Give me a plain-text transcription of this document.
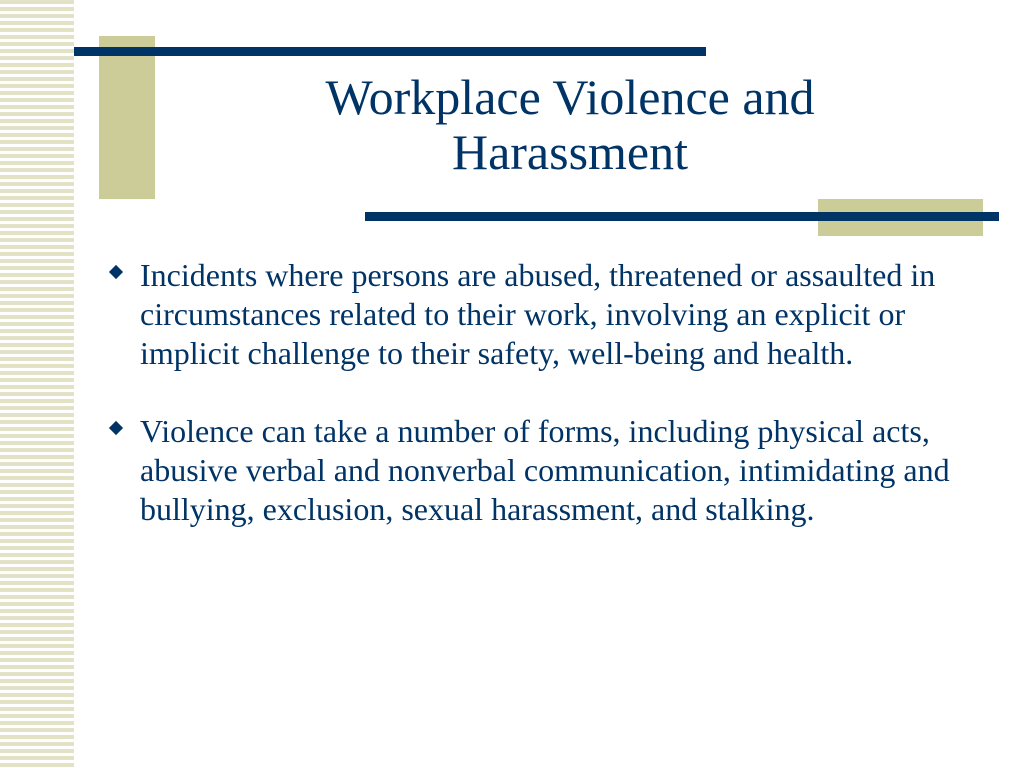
Workplace Violence and Harassment
Incidents where persons are abused, threatened or assaulted in circumstances related to their work, involving an explicit or implicit challenge to their safety, well-being and health.
Violence can take a number of forms, including physical acts, abusive verbal and nonverbal communication, intimidating and bullying, exclusion, sexual harassment, and stalking.
